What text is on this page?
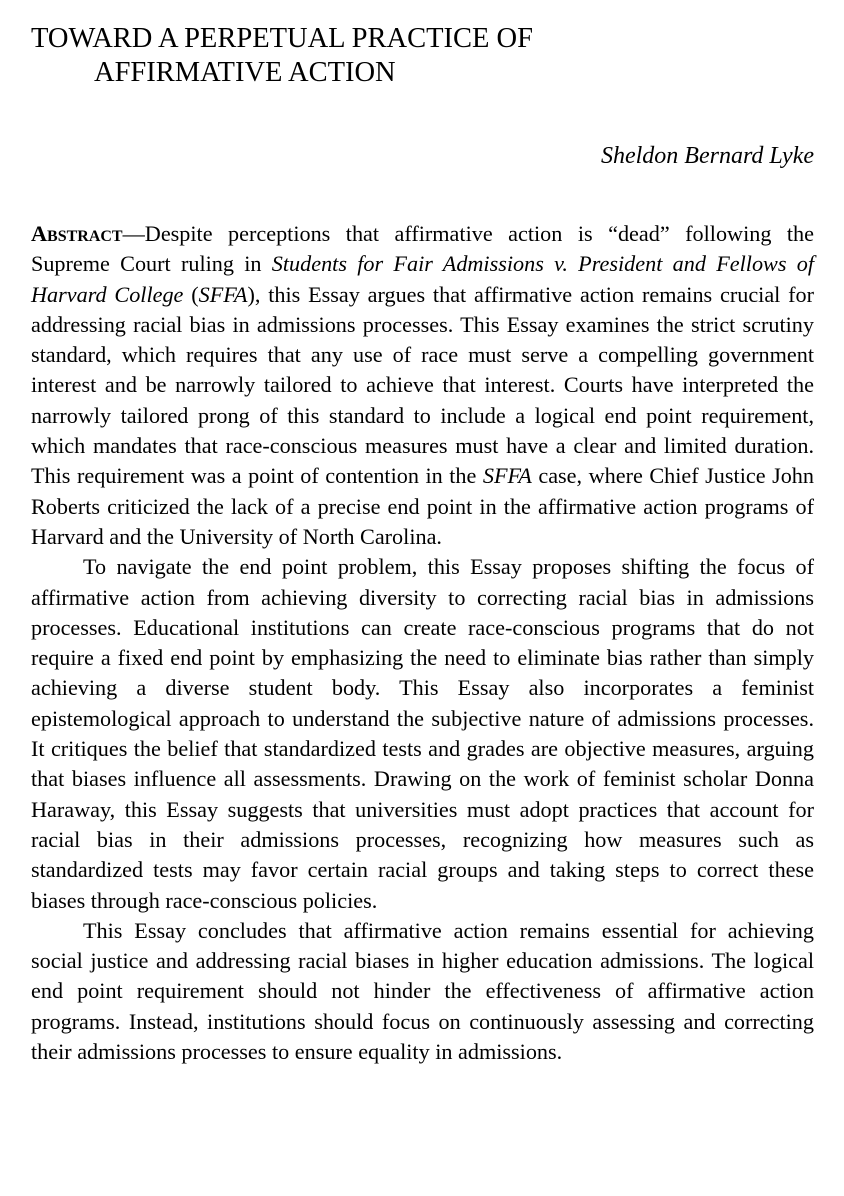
TOWARD A PERPETUAL PRACTICE OF
AFFIRMATIVE ACTION
Sheldon Bernard Lyke

Abstract—Despite perceptions that affirmative action is “dead” following the Supreme Court ruling in Students for Fair Admissions v. President and Fellows of Harvard College (SFFA), this Essay argues that affirmative action remains crucial for addressing racial bias in admissions processes. This Essay examines the strict scrutiny standard, which requires that any use of race must serve a compelling government interest and be narrowly tailored to achieve that interest. Courts have interpreted the narrowly tailored prong of this standard to include a logical end point requirement, which mandates that race-conscious measures must have a clear and limited duration. This requirement was a point of contention in the SFFA case, where Chief Justice John Roberts criticized the lack of a precise end point in the affirmative action programs of Harvard and the University of North Carolina.

To navigate the end point problem, this Essay proposes shifting the focus of affirmative action from achieving diversity to correcting racial bias in admissions processes. Educational institutions can create race-conscious programs that do not require a fixed end point by emphasizing the need to eliminate bias rather than simply achieving a diverse student body. This Essay also incorporates a feminist epistemological approach to understand the subjective nature of admissions processes. It critiques the belief that standardized tests and grades are objective measures, arguing that biases influence all assessments. Drawing on the work of feminist scholar Donna Haraway, this Essay suggests that universities must adopt practices that account for racial bias in their admissions processes, recognizing how measures such as standardized tests may favor certain racial groups and taking steps to correct these biases through race-conscious policies.

This Essay concludes that affirmative action remains essential for achieving social justice and addressing racial biases in higher education admissions. The logical end point requirement should not hinder the effectiveness of affirmative action programs. Instead, institutions should focus on continuously assessing and correcting their admissions processes to ensure equality in admissions.
